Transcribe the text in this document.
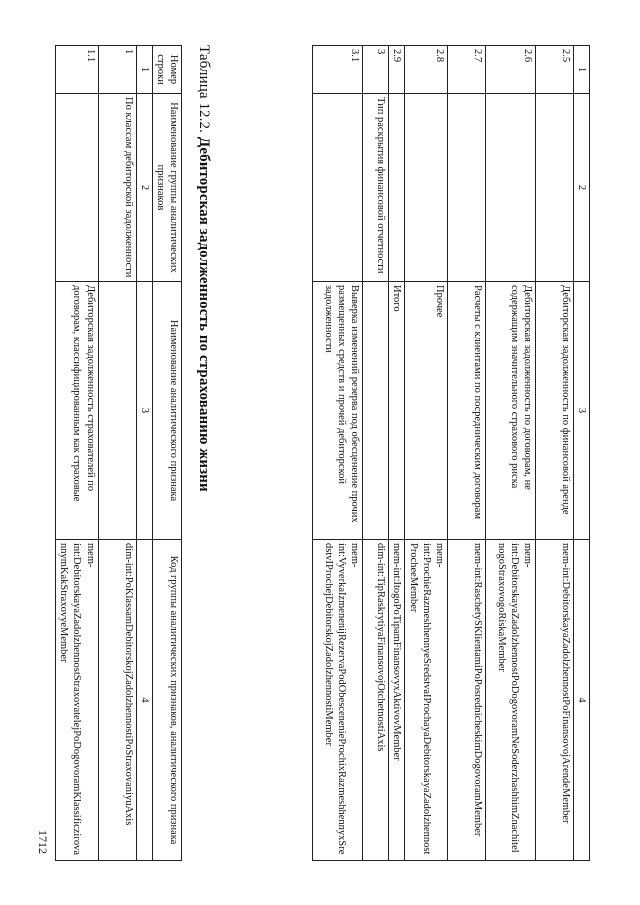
1	2	3	4
2.5		Дебиторская задолженность по финансовой аренде	mem-int:DebitorskayaZadolzhennostPoFinansovojArendeMember
2.6		Дебиторская задолженность по договорам, не содержащим значительного страхового риска	mem-int:DebitorskayaZadolzhennostPoDogovoramNeSoderzhashhimZnachitelnogoStraxovogoRiskaMember
2.7		Расчеты с клиентами по посредническим договорам	mem-int:RaschetySKlientamiPoPosrednicheskimDogovoramMember
2.8		Прочее	mem-int:ProchieRazmeshhennyeSredstvaIProchayaDebitorskayaZadolzhennostProcheeMember
2.9		Итого	mem-int:ItogoPoTipamFinansovyxAktivovMember
3	Тип раскрытия финансовой отчетности		dim-int:TipRaskrytiyaFinansovojOtchetnostiAxis
3.1		Выверка изменений резерва под обесценение прочих размещенных средств и прочей дебиторской задолженности	mem-int:VyverkaIzmenenijRezervaPodObescenenieProchixRazmeshhennyxSredstvIProchejDebitorskojZadolzhennostiMember
Таблица 12.2. Дебиторская задолженность по страхованию жизни
Номер строки	Наименование группы аналитических признаков	Наименование аналитического признака	Код группы аналитических признаков, аналитического признака
1	2	3	4
1	По классам дебиторской задолженности		dim-int:PoKlassamDebitorskojZadolzhennostiPoStraxovaniyuAxis
1.1		Дебиторская задолженность страхователей по договорам, классифицированным как страховые	mem-int:DebitorskayaZadolzhennostStraxovatelejPoDogovoramKlassificzirovannymKakStraxovyeMember
1712
